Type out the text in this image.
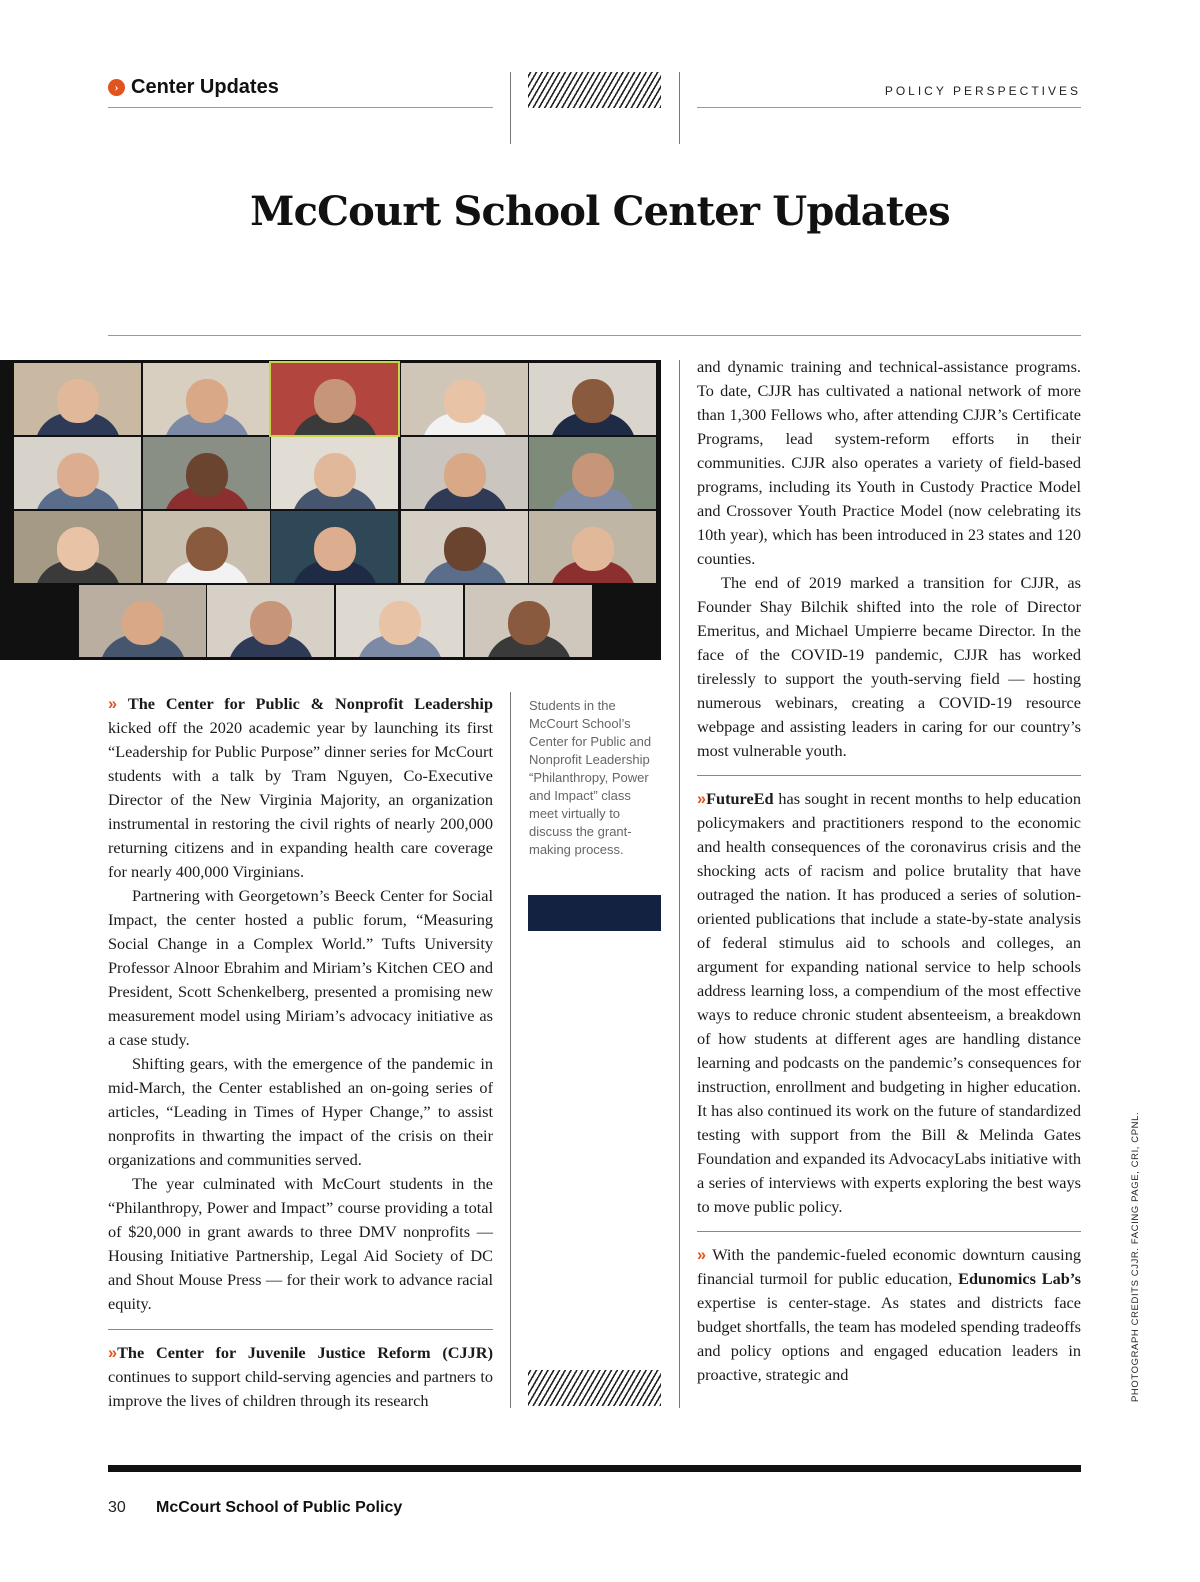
› Center Updates	POLICY PERSPECTIVES
McCourt School Center Updates

» The Center for Public & Nonprofit Leadership kicked off the 2020 academic year by launching its first “Leadership for Public Purpose” dinner series for McCourt students with a talk by Tram Nguyen, Co-Executive Director of the New Virginia Majority, an organization instrumental in restoring the civil rights of nearly 200,000 returning citizens and in expanding health care coverage for nearly 400,000 Virginians.

Partnering with Georgetown’s Beeck Center for Social Impact, the center hosted a public forum, “Measuring Social Change in a Complex World.” Tufts University Professor Alnoor Ebrahim and Miriam’s Kitchen CEO and President, Scott Schenkelberg, presented a promising new measurement model using Miriam’s advocacy initiative as a case study.

Shifting gears, with the emergence of the pandemic in mid-March, the Center established an on-going series of articles, “Leading in Times of Hyper Change,” to assist nonprofits in thwarting the impact of the crisis on their organizations and communities served.

The year culminated with McCourt students in the “Philanthropy, Power and Impact” course providing a total of $20,000 in grant awards to three DMV nonprofits — Housing Initiative Partnership, Legal Aid Society of DC and Shout Mouse Press — for their work to advance racial equity.

»The Center for Juvenile Justice Reform (CJJR) continues to support child-serving agencies and partners to improve the lives of children through its research

Students in the McCourt School’s Center for Public and Nonprofit Leadership “Philanthropy, Power and Impact” class meet virtually to discuss the grant-making process.

and dynamic training and technical-assistance programs. To date, CJJR has cultivated a national network of more than 1,300 Fellows who, after attending CJJR’s Certificate Programs, lead system-reform efforts in their communities. CJJR also operates a variety of field-based programs, including its Youth in Custody Practice Model and Crossover Youth Practice Model (now celebrating its 10th year), which has been introduced in 23 states and 120 counties.

The end of 2019 marked a transition for CJJR, as Founder Shay Bilchik shifted into the role of Director Emeritus, and Michael Umpierre became Director. In the face of the COVID-19 pandemic, CJJR has worked tirelessly to support the youth-serving field — hosting numerous webinars, creating a COVID-19 resource webpage and assisting leaders in caring for our country’s most vulnerable youth.

»FutureEd has sought in recent months to help education policymakers and practitioners respond to the economic and health consequences of the coronavirus crisis and the shocking acts of racism and police brutality that have outraged the nation. It has produced a series of solution-oriented publications that include a state-by-state analysis of federal stimulus aid to schools and colleges, an argument for expanding national service to help schools address learning loss, a compendium of the most effective ways to reduce chronic student absenteeism, a breakdown of how students at different ages are handling distance learning and podcasts on the pandemic’s consequences for instruction, enrollment and budgeting in higher education. It has also continued its work on the future of standardized testing with support from the Bill & Melinda Gates Foundation and expanded its AdvocacyLabs initiative with a series of interviews with experts exploring the best ways to move public policy.

» With the pandemic-fueled economic downturn causing financial turmoil for public education, Edunomics Lab’s expertise is center-stage. As states and districts face budget shortfalls, the team has modeled spending tradeoffs and policy options and engaged education leaders in proactive, strategic and	PHOTOGRAPH CREDITS CJJR. FACING PAGE, CRI, CPNL.
30 McCourt School of Public Policy
